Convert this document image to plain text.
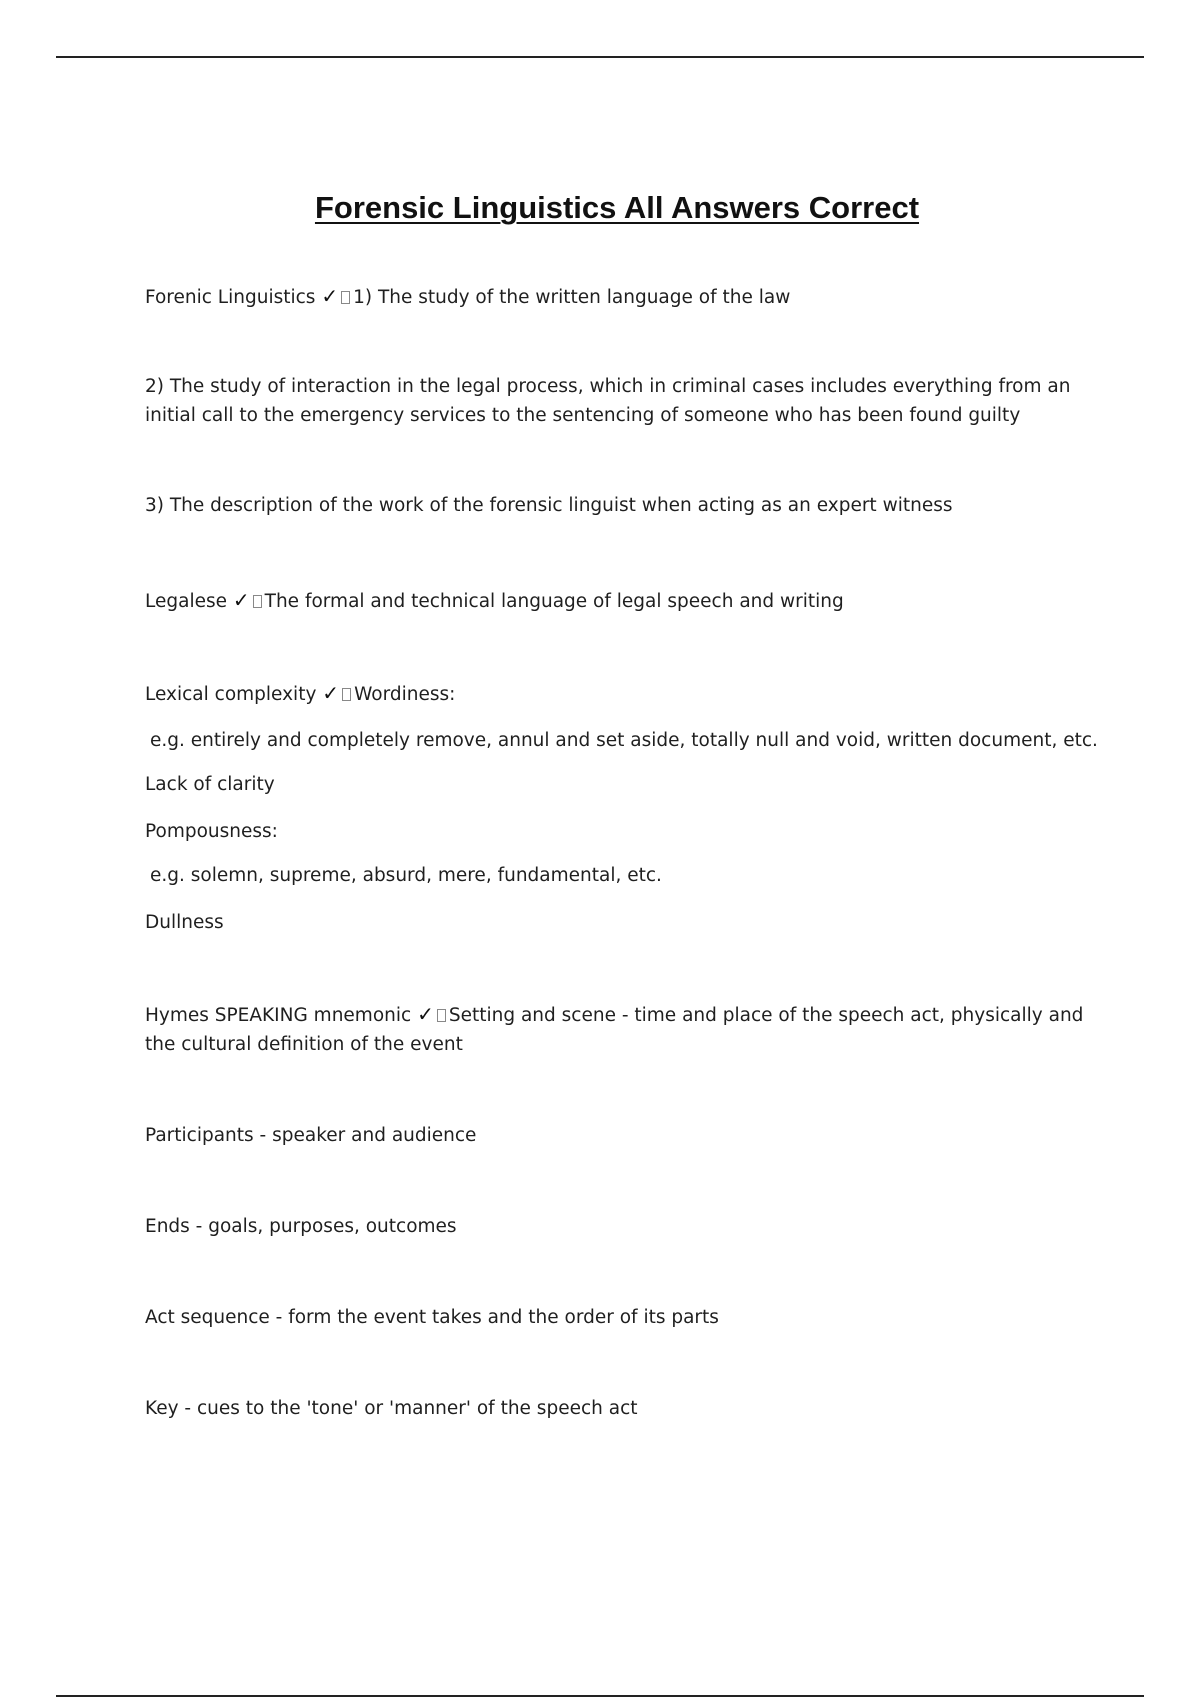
Forensic Linguistics All Answers Correct
Forenic Linguistics ✓ 1) The study of the written language of the law
2) The study of interaction in the legal process, which in criminal cases includes everything from an initial call to the emergency services to the sentencing of someone who has been found guilty
3) The description of the work of the forensic linguist when acting as an expert witness
Legalese ✓ The formal and technical language of legal speech and writing
Lexical complexity ✓ Wordiness:
e.g. entirely and completely remove, annul and set aside, totally null and void, written document, etc.
Lack of clarity
Pompousness:
e.g. solemn, supreme, absurd, mere, fundamental, etc.
Dullness
Hymes SPEAKING mnemonic ✓ Setting and scene - time and place of the speech act, physically and the cultural definition of the event
Participants - speaker and audience
Ends - goals, purposes, outcomes
Act sequence - form the event takes and the order of its parts
Key - cues to the 'tone' or 'manner' of the speech act
